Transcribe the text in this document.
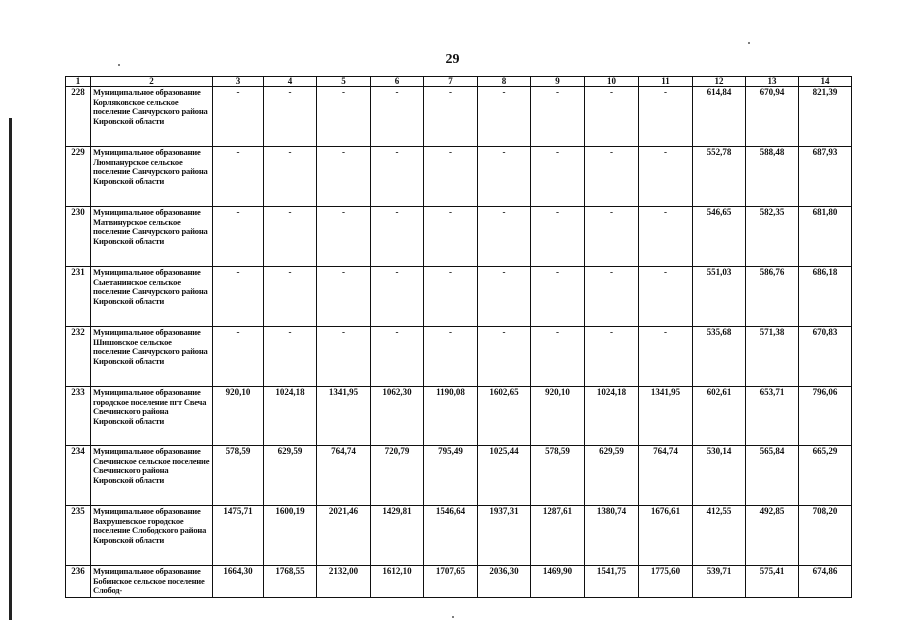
29
1	2	3	4	5	6	7	8	9	10	11	12	13	14
228	Муниципальное образование Корляковское сельское поселение Санчурского района Кировской области	-	-	-	-	-	-	-	-	-	614,84	670,94	821,39
229	Муниципальное образование Люмпанурское сельское поселение Санчурского района Кировской области	-	-	-	-	-	-	-	-	-	552,78	588,48	687,93
230	Муниципальное образование Матвинурское сельское поселение Санчурского района Кировской области	-	-	-	-	-	-	-	-	-	546,65	582,35	681,80
231	Муниципальное образование Сыетанинское сельское поселение Санчурского района Кировской области	-	-	-	-	-	-	-	-	-	551,03	586,76	686,18
232	Муниципальное образование Шишовское сельское поселение Санчурского района Кировской области	-	-	-	-	-	-	-	-	-	535,68	571,38	670,83
233	Муниципальное образование городское поселение пгт Свеча Свечинского района Кировской области	920,10	1024,18	1341,95	1062,30	1190,08	1602,65	920,10	1024,18	1341,95	602,61	653,71	796,06
234	Муниципальное образование Свечинское сельское поселение Свечинского района Кировской области	578,59	629,59	764,74	720,79	795,49	1025,44	578,59	629,59	764,74	530,14	565,84	665,29
235	Муниципальное образование Вахрушевское городское поселение Слободского района Кировской области	1475,71	1600,19	2021,46	1429,81	1546,64	1937,31	1287,61	1380,74	1676,61	412,55	492,85	708,20
236	Муниципальное образование Бобинское сельское поселение Слобод-	1664,30	1768,55	2132,00	1612,10	1707,65	2036,30	1469,90	1541,75	1775,60	539,71	575,41	674,86
